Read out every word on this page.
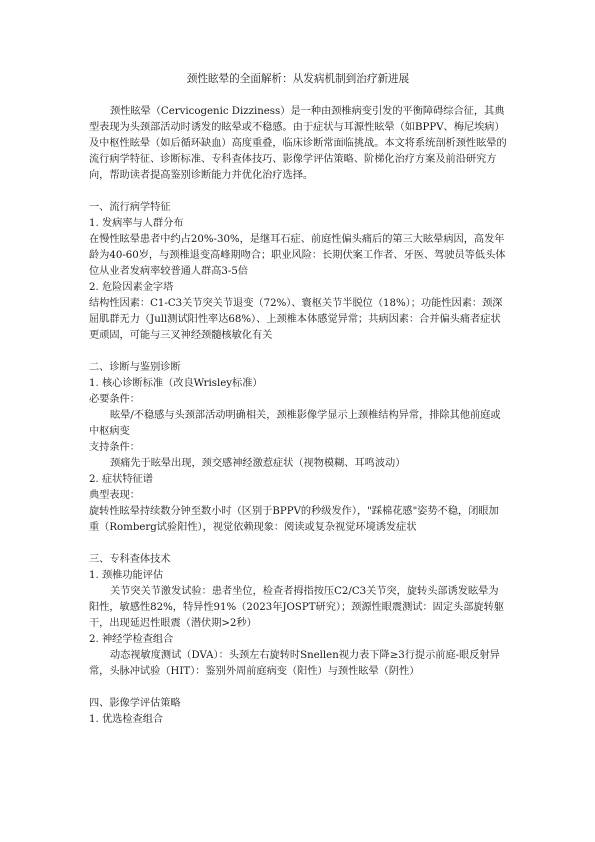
颈性眩晕的全面解析：从发病机制到治疗新进展

颈性眩晕（Cervicogenic Dizziness）是一种由颈椎病变引发的平衡障碍综合征，其典型表现为头颈部活动时诱发的眩晕或不稳感。由于症状与耳源性眩晕（如BPPV、梅尼埃病）及中枢性眩晕（如后循环缺血）高度重叠，临床诊断常面临挑战。本文将系统剖析颈性眩晕的流行病学特征、诊断标准、专科查体技巧、影像学评估策略、阶梯化治疗方案及前沿研究方向，帮助读者提高鉴别诊断能力并优化治疗选择。

一、流行病学特征
1. 发病率与人群分布

在慢性眩晕患者中约占20%-30%，是继耳石症、前庭性偏头痛后的第三大眩晕病因，高发年龄为40-60岁，与颈椎退变高峰期吻合；职业风险：长期伏案工作者、牙医、驾驶员等低头体位从业者发病率较普通人群高3-5倍

2. 危险因素金字塔

结构性因素：C1-C3关节突关节退变（72%）、寰枢关节半脱位（18%）；功能性因素：颈深屈肌群无力（Jull测试阳性率达68%）、上颈椎本体感觉异常；共病因素：合并偏头痛者症状更顽固，可能与三叉神经颈髓核敏化有关

二、诊断与鉴别诊断
1. 核心诊断标准（改良Wrisley标准）

必要条件：

眩晕/不稳感与头颈部活动明确相关，颈椎影像学显示上颈椎结构异常，排除其他前庭或中枢病变

支持条件：

颈痛先于眩晕出现，颈交感神经激惹症状（视物模糊、耳鸣波动）

2. 症状特征谱

典型表现：

旋转性眩晕持续数分钟至数小时（区别于BPPV的秒级发作），"踩棉花感"姿势不稳，闭眼加重（Romberg试验阳性），视觉依赖现象：阅读或复杂视觉环境诱发症状

三、专科查体技术
1. 颈椎功能评估

关节突关节激发试验：患者坐位，检查者拇指按压C2/C3关节突，旋转头部诱发眩晕为阳性，敏感性82%，特异性91%（2023年JOSPT研究）；颈源性眼震测试：固定头部旋转躯干，出现延迟性眼震（潜伏期>2秒）

2. 神经学检查组合

动态视敏度测试（DVA）：头颈左右旋转时Snellen视力表下降≥3行提示前庭-眼反射异常，头脉冲试验（HIT）：鉴别外周前庭病变（阳性）与颈性眩晕（阴性）

四、影像学评估策略
1. 优选检查组合
